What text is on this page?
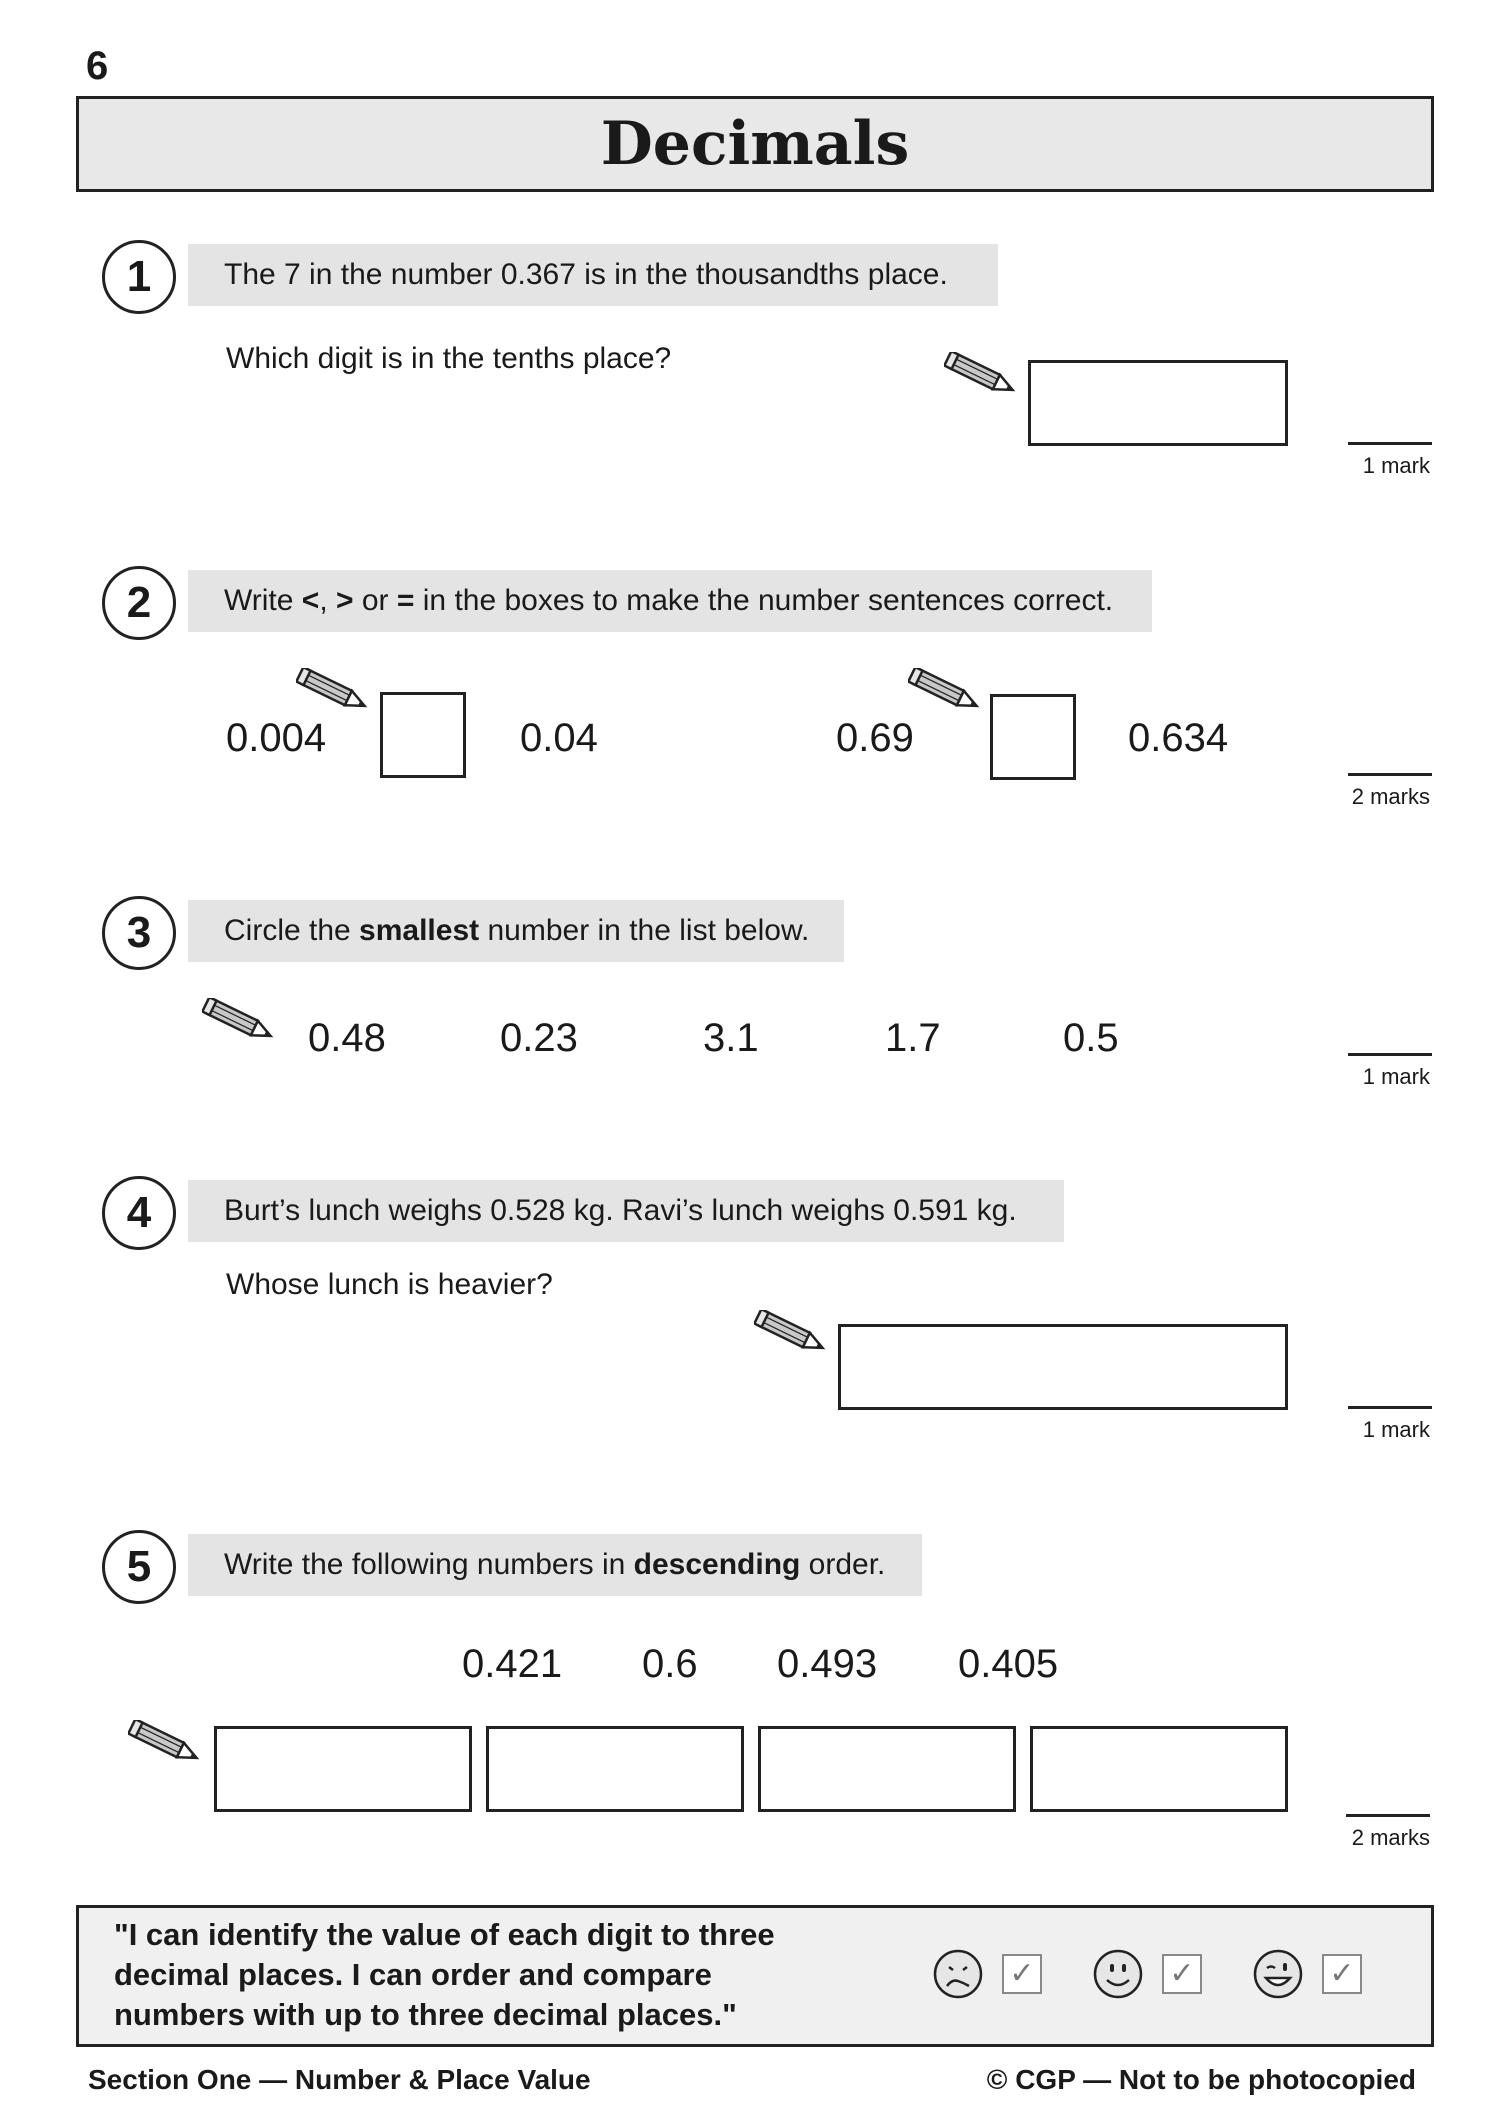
6
Decimals
1	The 7 in the number 0.367 is in the thousandths place.
Which digit is in the tenths place?
1 mark
2	Write <, > or = in the boxes to make the number sentences correct.
0.004	0.04	0.69	0.634
2 marks
3	Circle the smallest number in the list below.
0.48	0.23	3.1	1.7	0.5
1 mark
4	Burt’s lunch weighs 0.528 kg. Ravi’s lunch weighs 0.591 kg.
Whose lunch is heavier?
1 mark
5	Write the following numbers in descending order.
0.421 0.6 0.493 0.405
2 marks
"I can identify the value of each digit to three
decimal places. I can order and compare
numbers with up to three decimal places."
✓	✓	✓
Section One — Number & Place Value	© CGP — Not to be photocopied
